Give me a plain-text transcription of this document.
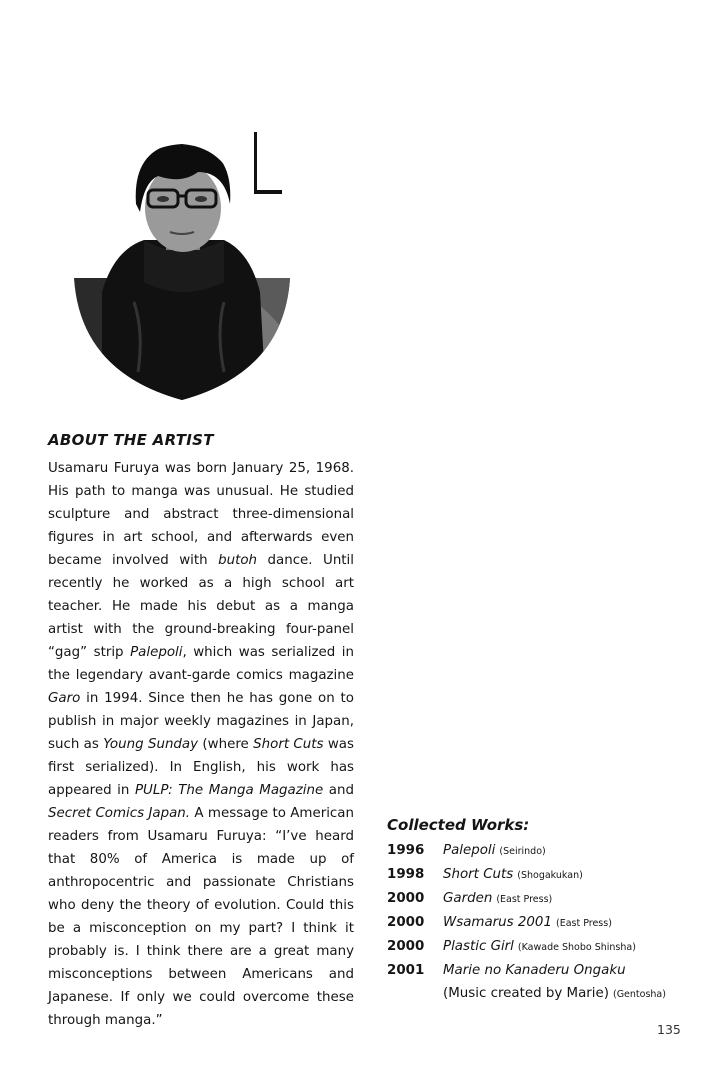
ABOUT THE ARTIST

Usamaru Furuya was born January 25, 1968. His path to manga was unusual. He studied sculpture and abstract three-dimensional figures in art school, and afterwards even became involved with butoh dance. Until recently he worked as a high school art teacher. He made his debut as a manga artist with the ground-breaking four-panel “gag” strip Palepoli, which was serialized in the legendary avant-garde comics magazine Garo in 1994. Since then he has gone on to publish in major weekly magazines in Japan, such as Young Sunday (where Short Cuts was first serialized). In English, his work has appeared in PULP: The Manga Magazine and Secret Comics Japan. A message to American readers from Usamaru Furuya: “I’ve heard that 80% of America is made up of anthropocentric and passionate Christians who deny the theory of evolution. Could this be a misconception on my part? I think it probably is. I think there are a great many misconceptions between Americans and Japanese. If only we could overcome these through manga.”

Collected Works:
1996	Palepoli (Seirindo)
1998	Short Cuts (Shogakukan)
2000	Garden (East Press)
2000	Wsamarus 2001 (East Press)
2000	Plastic Girl (Kawade Shobo Shinsha)
2001	Marie no Kanaderu Ongaku
(Music created by Marie) (Gentosha)
135
